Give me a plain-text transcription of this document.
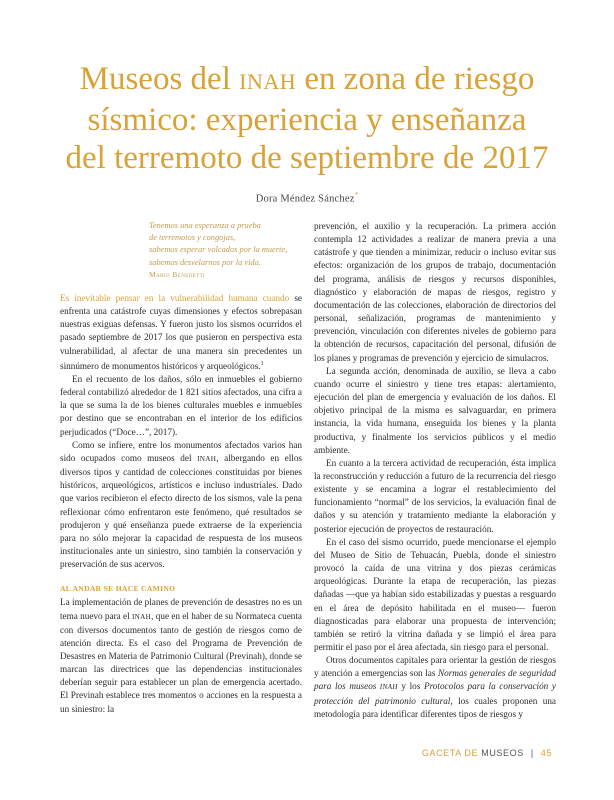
Museos del INAH en zona de riesgo
sísmico: experiencia y enseñanza
del terremoto de septiembre de 2017
Dora Méndez Sánchez*
Tenemos una esperanza a prueba
de terremotos y congojas,
sabemos esperar volcados por la muerte,
sabemos desvelarnos por la vida.
Mario Benedetti

Es inevitable pensar en la vulnerabilidad humana cuando se enfrenta una catástrofe cuyas dimensiones y efectos sobrepasan nuestras exiguas defensas. Y fueron justo los sismos ocurridos el pasado septiembre de 2017 los que pusieron en perspectiva esta vulnerabilidad, al afectar de una manera sin precedentes un sinnúmero de monumentos históricos y arqueológicos.$^1$

En el recuento de los daños, sólo en inmuebles el gobierno federal contabilizó alrededor de 1 821 sitios afectados, una cifra a la que se suma la de los bienes culturales muebles e inmuebles por destino que se encontraban en el interior de los edificios perjudicados (“Doce…”, 2017).

Como se infiere, entre los monumentos afectados varios han sido ocupados como museos del INAH, albergando en ellos diversos tipos y cantidad de colecciones constituidas por bienes históricos, arqueológicos, artísticos e incluso industriales. Dado que varios recibieron el efecto directo de los sismos, vale la pena reflexionar cómo enfrentaron este fenómeno, qué resultados se produjeron y qué enseñanza puede extraerse de la experiencia para no sólo mejorar la capacidad de respuesta de los museos institucionales ante un siniestro, sino también la conservación y preservación de sus acervos.

AL ANDAR SE HACE CAMINO

La implementación de planes de prevención de desastres no es un tema nuevo para el INAH, que en el haber de su Normateca cuenta con diversos documentos tanto de gestión de riesgos como de atención directa. Es el caso del Programa de Prevención de Desastres en Materia de Patrimonio Cultural (Previnah), donde se marcan las directrices que las dependencias institucionales deberían seguir para establecer un plan de emergencia acertado. El Previnah establece tres momentos o acciones en la respuesta a un siniestro: la

prevención, el auxilio y la recuperación. La primera acción contempla 12 actividades a realizar de manera previa a una catástrofe y que tienden a minimizar, reducir o incluso evitar sus efectos: organización de los grupos de trabajo, documentación del programa, análisis de riesgos y recursos disponibles, diagnóstico y elaboración de mapas de riesgos, registro y documentación de las colecciones, elaboración de directorios del personal, señalización, programas de mantenimiento y prevención, vinculación con diferentes niveles de gobierno para la obtención de recursos, capacitación del personal, difusión de los planes y programas de prevención y ejercicio de simulacros.

La segunda acción, denominada de auxilio, se lleva a cabo cuando ocurre el siniestro y tiene tres etapas: alertamiento, ejecución del plan de emergencia y evaluación de los daños. El objetivo principal de la misma es salvaguardar, en primera instancia, la vida humana, enseguida los bienes y la planta productiva, y finalmente los servicios públicos y el medio ambiente.

En cuanto a la tercera actividad de recuperación, ésta implica la reconstrucción y reducción a futuro de la recurrencia del riesgo existente y se encamina a lograr el restablecimiento del funcionamiento “normal” de los servicios, la evaluación final de daños y su atención y tratamiento mediante la elaboración y posterior ejecución de proyectos de restauración.

En el caso del sismo ocurrido, puede mencionarse el ejemplo del Museo de Sitio de Tehuacán, Puebla, donde el siniestro provocó la caída de una vitrina y dos piezas cerámicas arqueológicas. Durante la etapa de recuperación, las piezas dañadas —que ya habían sido estabilizadas y puestas a resguardo en el área de depósito habilitada en el museo— fueron diagnosticadas para elaborar una propuesta de intervención; también se retiró la vitrina dañada y se limpió el área para permitir el paso por el área afectada, sin riesgo para el personal.

Otros documentos capitales para orientar la gestión de riesgos y atención a emergencias son las Normas generales de seguridad para los museos INAH y los Protocolos para la conservación y protección del patrimonio cultural, los cuales proponen una metodología para identificar diferentes tipos de riesgos y

GACETA DE MUSEOS | 45
